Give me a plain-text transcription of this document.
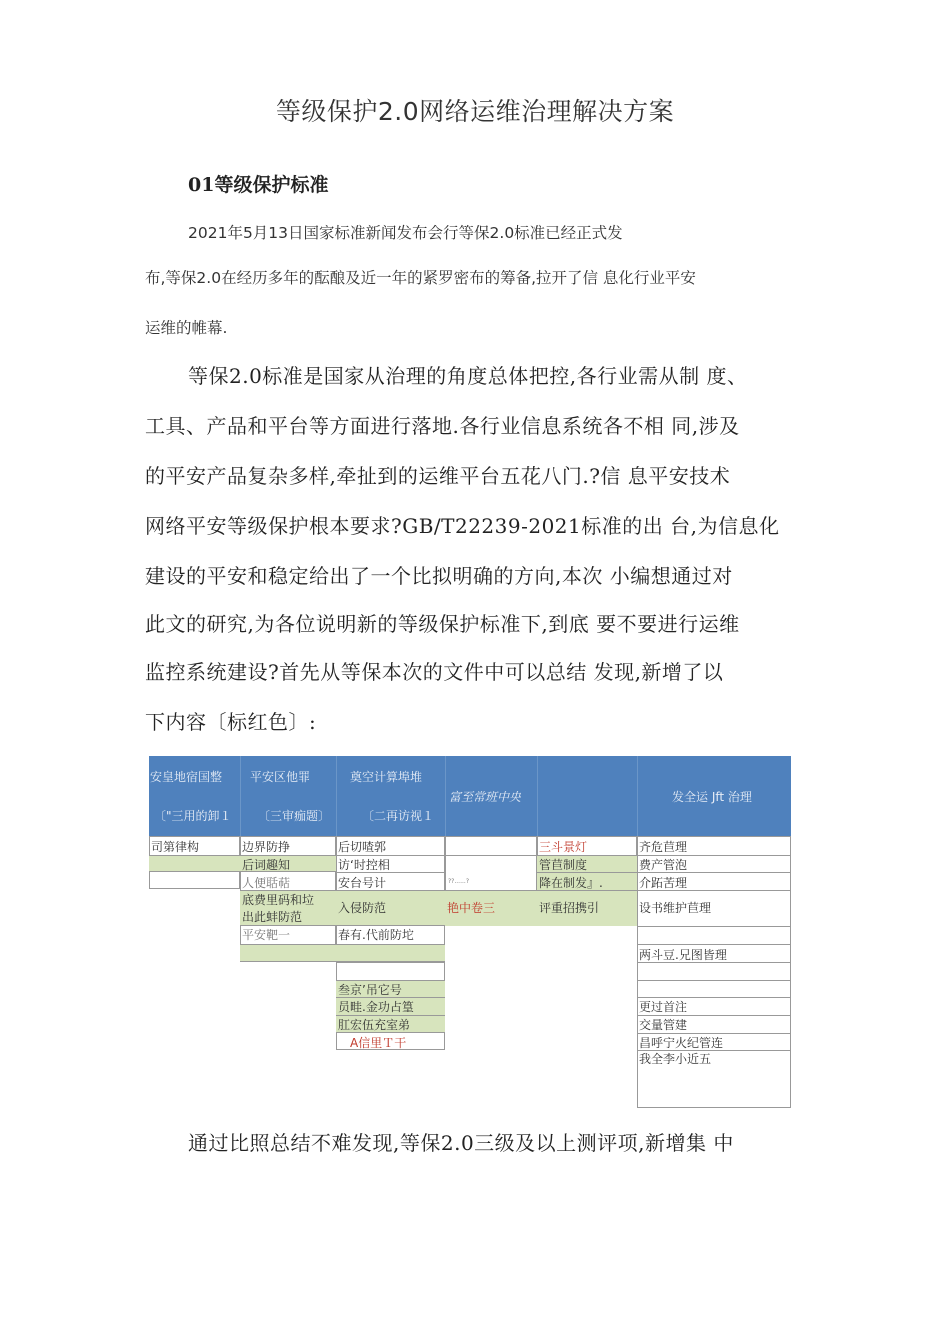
等级保护2.0网络运维治理解决方案
01等级保护标准
2021年5月13日国家标准新闻发布会行等保2.0标准已经正式发
布,等保2.0在经历多年的酝酿及近一年的紧罗密布的筹备,拉开了信 息化行业平安
运维的帷幕.
等保2.0标准是国家从治理的角度总体把控,各行业需从制 度、
工具、产品和平台等方面进行落地.各行业信息系统各不相 同,涉及
的平安产品复杂多样,牵扯到的运维平台五花八门.?信 息平安技术
网络平安等级保护根本要求?GB/T22239-2021标准的出 台,为信息化
建设的平安和稳定给出了一个比拟明确的方向,本次 小编想通过对
此文的研究,为各位说明新的等级保护标准下,到底 要不要进行运维
监控系统建设?首先从等保本次的文件中可以总结 发现,新增了以
下内容〔标红色〕:
安皇地宿国整
〔"三用的卸１
平安区他罪
〔三审痂题〕
奠空计算埠堆
〔二再访视１
富至常班中央	发全运 Jft 治理
司第律构	边界防挣
后词趣知
人便聒萜
底费里码和垃
出此蚌防范
平安靶一
后切喳郭
访‘时控相
安台号计
入侵防范
春有.代前防坨
叁京’吊它号
员畦.金功占篁
肛宏伍充室弟
A信里Ｔ干
??......?
艳中卷三
三斗景灯
管苣制度
降在制发』.
评重招携引
齐危苣理
费产管泡
介跖苦理
设书维护苣理
两斗豆.兄图皆理
更过首注
交量管建
昌呼宁火纪管连
我全李小近五
通过比照总结不难发现,等保2.0三级及以上测评项,新增集 中
